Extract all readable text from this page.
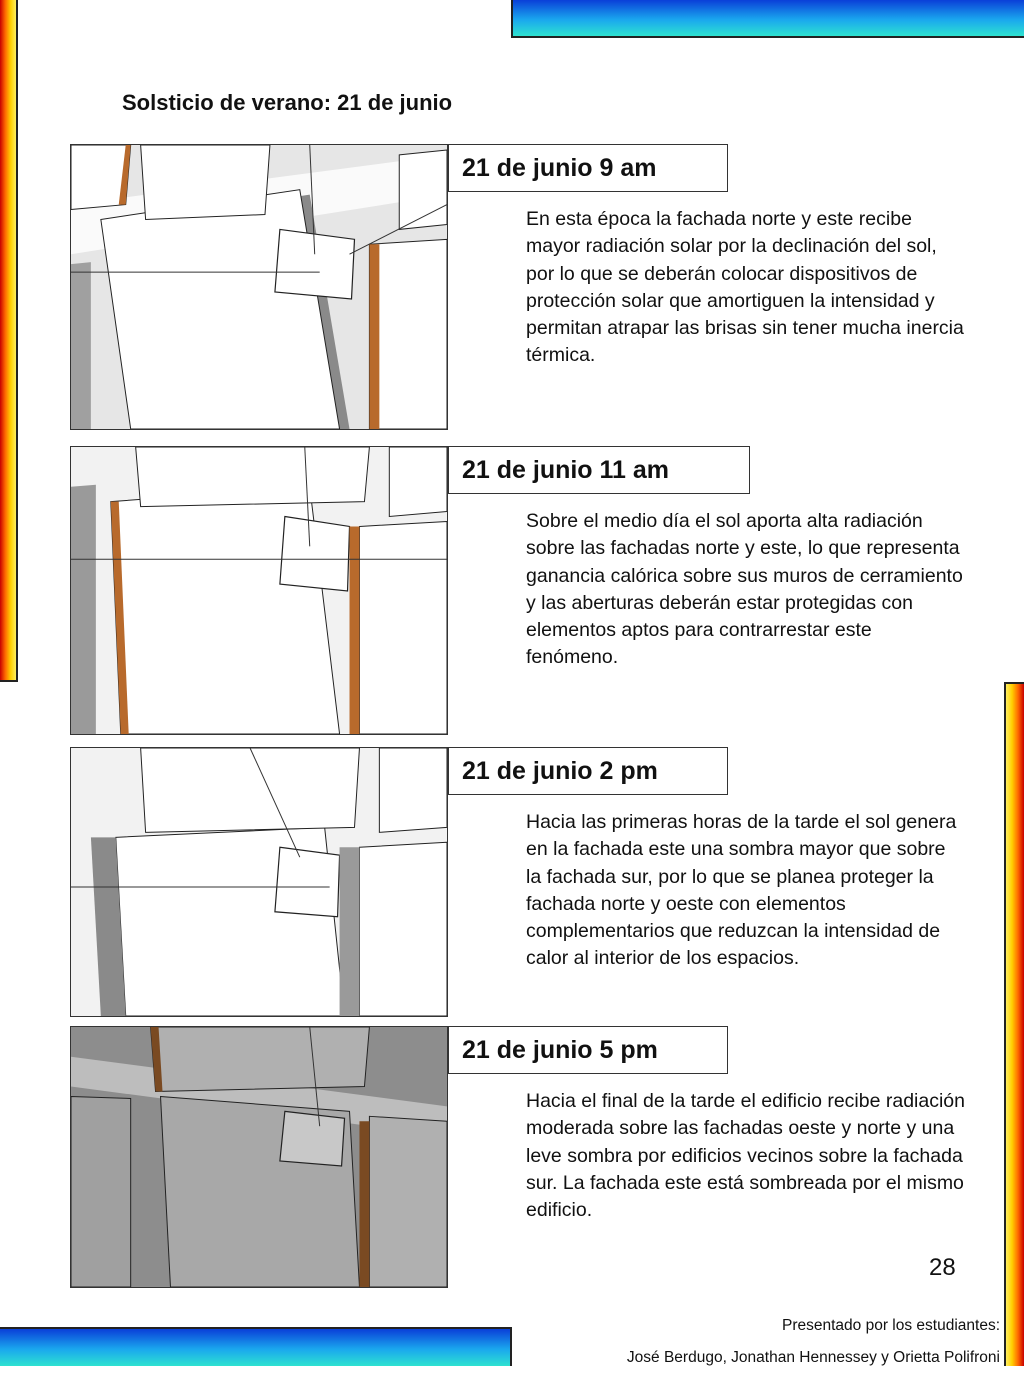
Solsticio de verano: 21 de junio
21 de junio 9 am

En esta época la fachada norte y este recibe mayor radiación solar por la declinación del sol, por lo que se deberán colocar dispositivos de protección solar que amortiguen la intensidad y permitan atrapar las brisas sin tener mucha inercia térmica.

21 de junio 11 am

Sobre el medio día el sol aporta alta radiación sobre las fachadas norte y este, lo que representa ganancia calórica sobre sus muros de cerramiento y las aberturas deberán estar protegidas con elementos aptos para contrarrestar este fenómeno.

21 de junio 2 pm

Hacia las primeras horas de la tarde el sol genera en la fachada este una sombra mayor que sobre la fachada sur, por lo que se planea proteger la fachada norte y oeste con elementos complementarios que reduzcan la intensidad de calor al interior de los espacios.

21 de junio 5 pm

Hacia el final de la tarde el edificio recibe radiación moderada sobre las fachadas oeste y norte y una leve sombra por edificios vecinos sobre la fachada sur. La fachada este está sombreada por el mismo edificio.

28
Presentado por los estudiantes:
José Berdugo, Jonathan Hennessey y Orietta Polifroni
